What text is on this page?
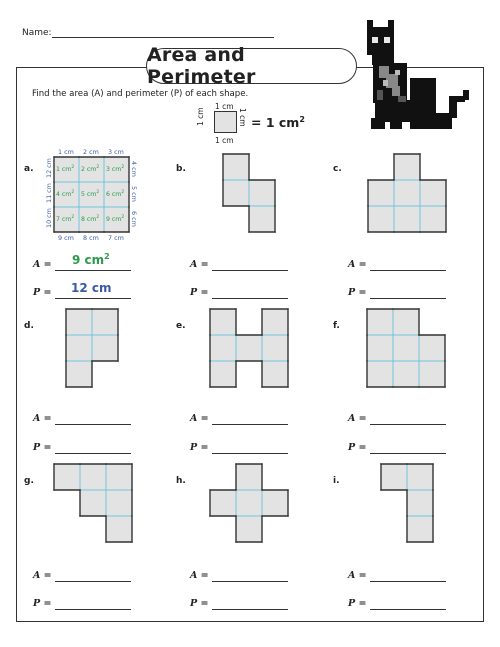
Name:
Area and Perimeter
Find the area (A) and perimeter (P) of each shape.
1 cm
1 cm
1 cm	1 cm = 1 $cm^2$
a.
1 cm 2 cm 3 cm
9 cm 8 cm 7 cm
12 cm
11 cm
10 cm
4 cm
5 cm
6 cm
1 $cm^2$ 2 $cm^2$ 3 $cm^2$
4 $cm^2$ 5 $cm^2$ 6 $cm^2$
7 $cm^2$ 8 $cm^2$ 9 $cm^2$
b.	c.
d.	e.	f.
g.	h.	i.
9 $cm^2$
12 cm
A =
P =
A =
P =
A =
P =
A =
P =
A =
P =
A =
P =
A =
P =
A =
P =
A =
P =
